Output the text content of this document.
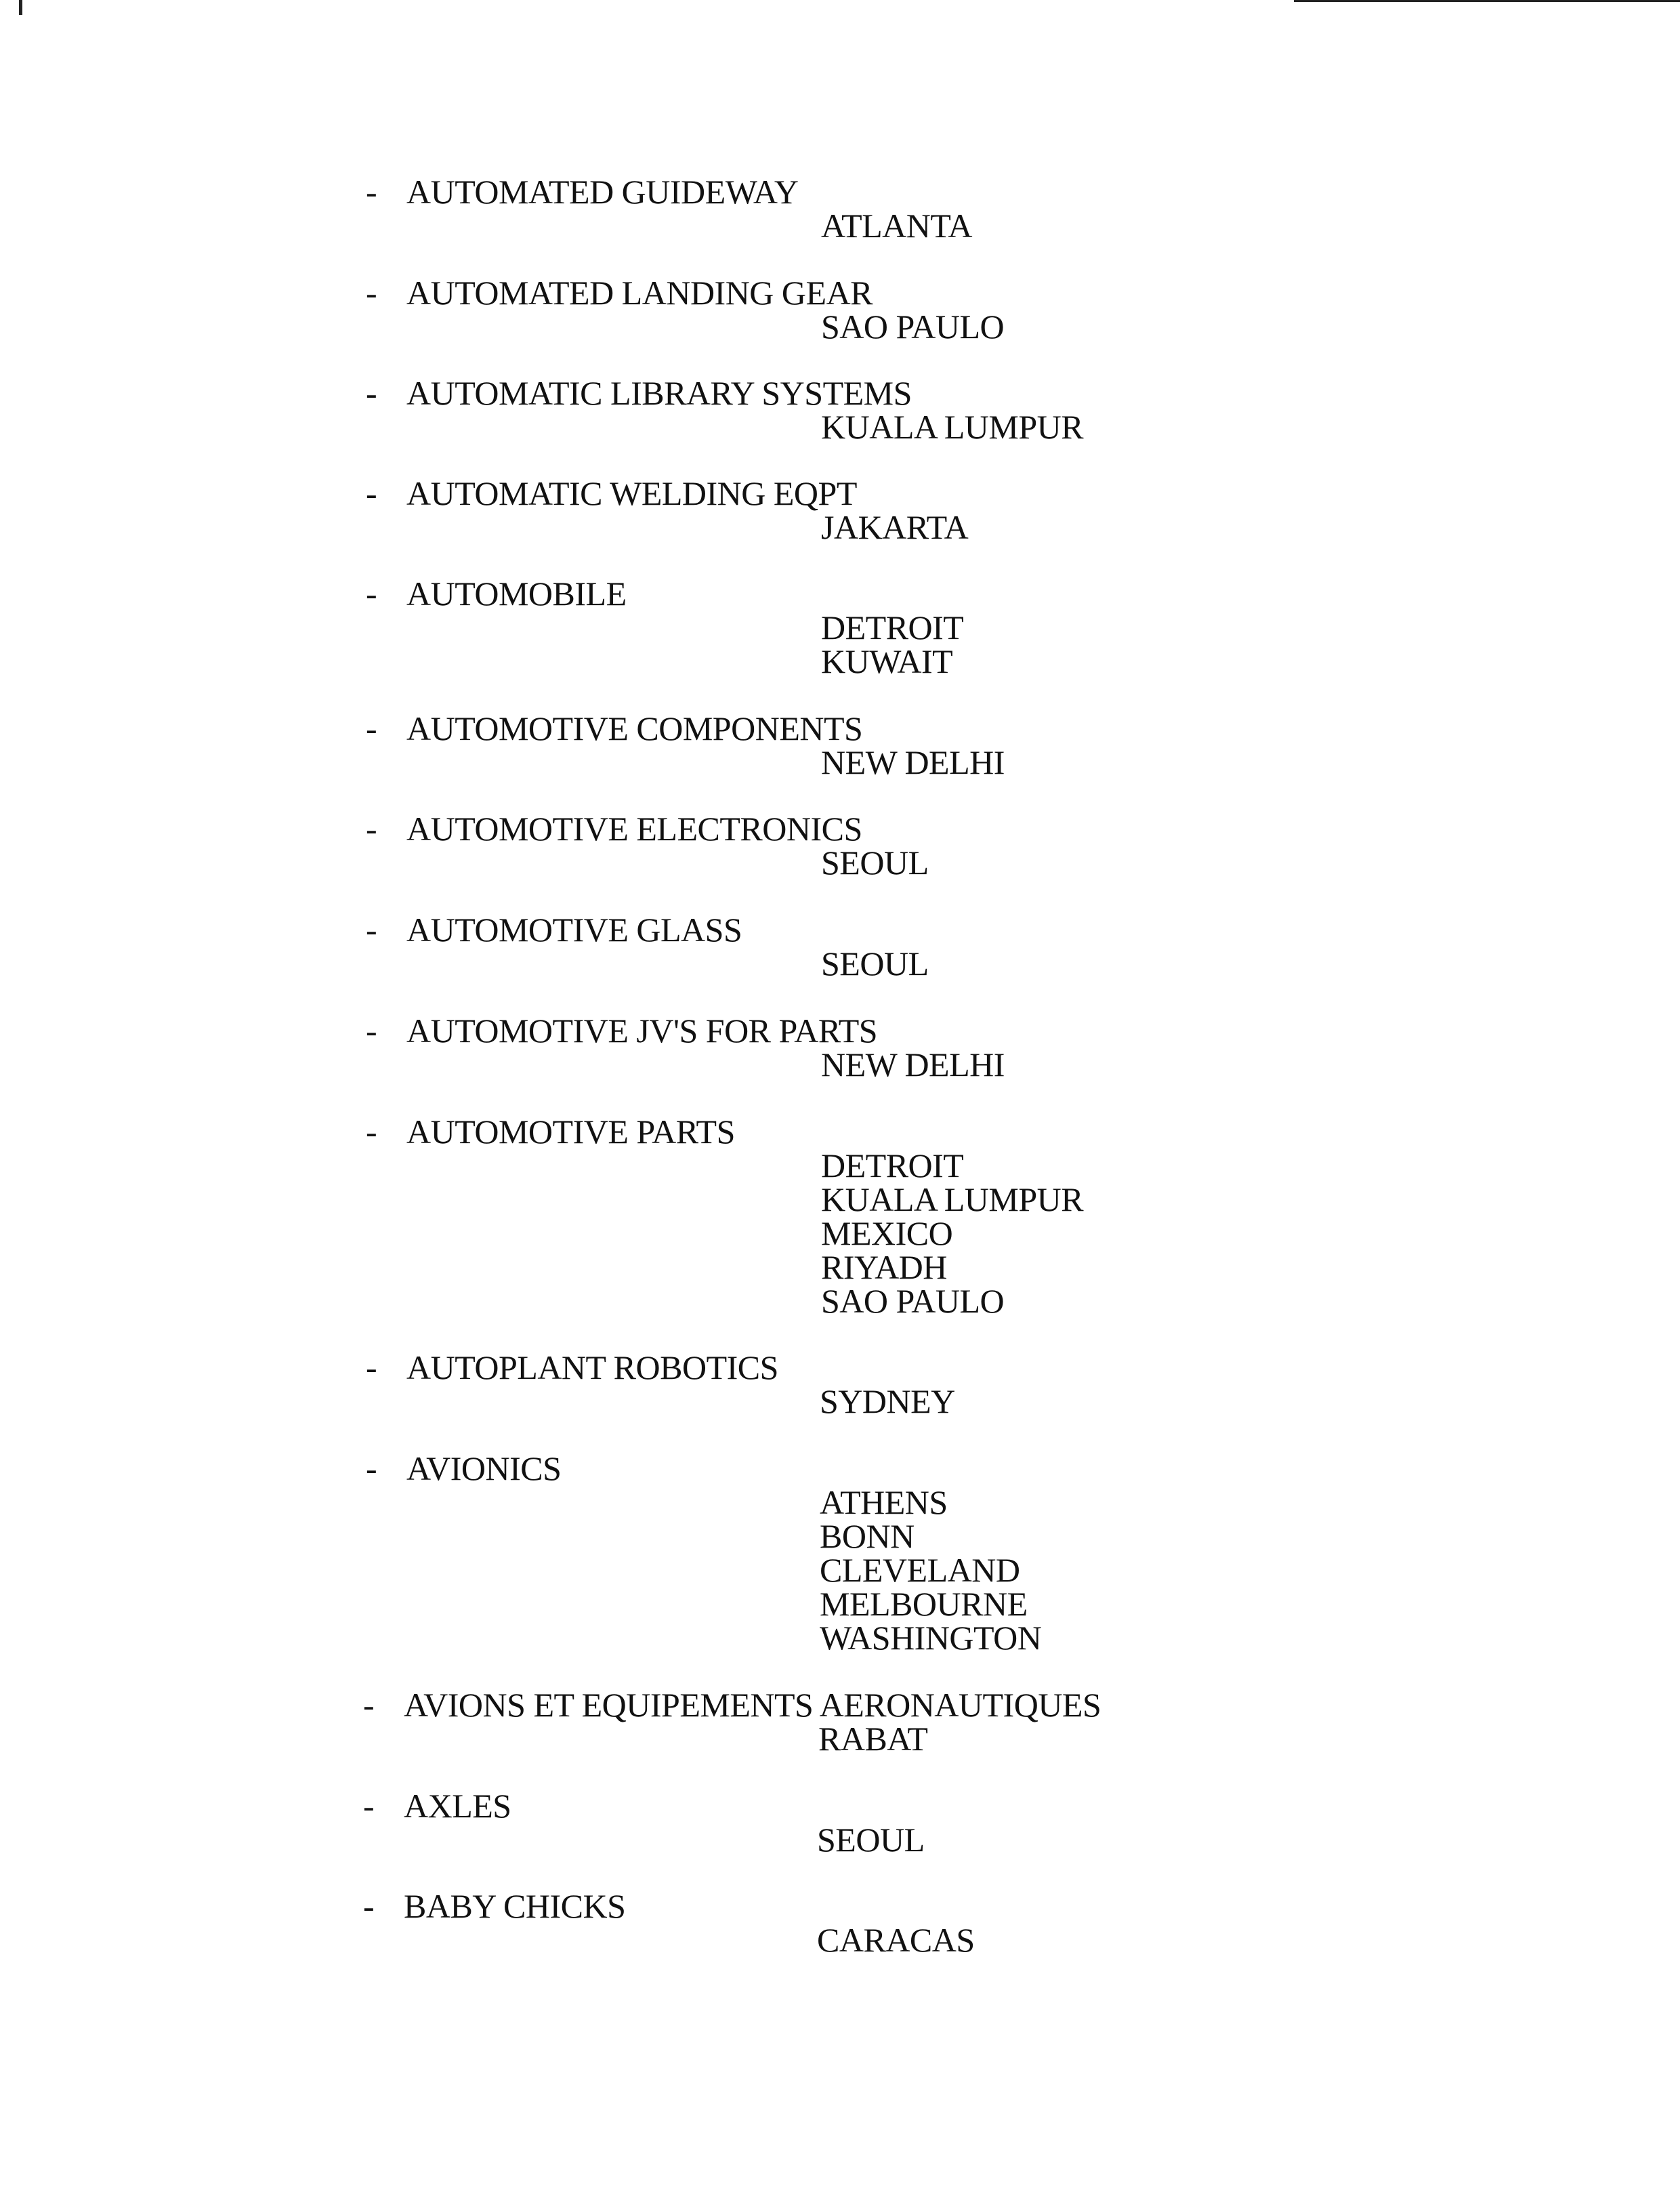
- AUTOMATED GUIDEWAY
ATLANTA
- AUTOMATED LANDING GEAR
SAO PAULO
- AUTOMATIC LIBRARY SYSTEMS
KUALA LUMPUR
- AUTOMATIC WELDING EQPT
JAKARTA
- AUTOMOBILE
DETROIT
KUWAIT
- AUTOMOTIVE COMPONENTS
NEW DELHI
- AUTOMOTIVE ELECTRONICS
SEOUL
- AUTOMOTIVE GLASS
SEOUL
- AUTOMOTIVE JV'S FOR PARTS
NEW DELHI
- AUTOMOTIVE PARTS
DETROIT
KUALA LUMPUR
MEXICO
RIYADH
SAO PAULO
- AUTOPLANT ROBOTICS
SYDNEY
- AVIONICS
ATHENS
BONN
CLEVELAND
MELBOURNE
WASHINGTON
- AVIONS ET EQUIPEMENTS AERONAUTIQUES
RABAT
- AXLES
SEOUL
- BABY CHICKS
CARACAS
